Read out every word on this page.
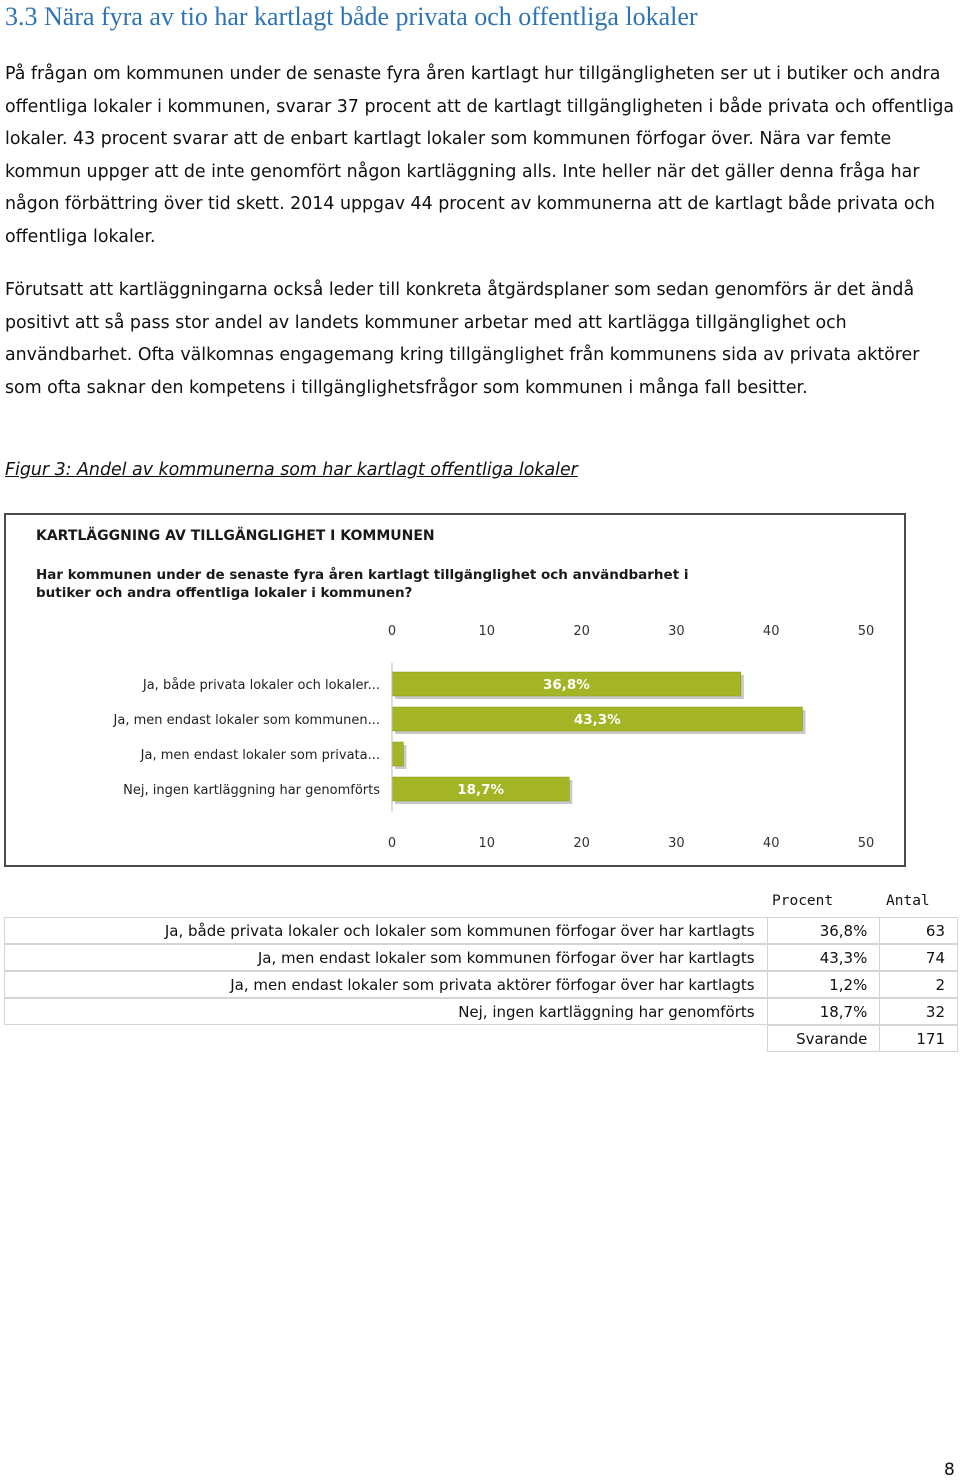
3.3 Nära fyra av tio har kartlagt både privata och offentliga lokaler

På frågan om kommunen under de senaste fyra åren kartlagt hur tillgängligheten ser ut i butiker och andra offentliga lokaler i kommunen, svarar 37 procent att de kartlagt tillgängligheten i både privata och offentliga lokaler. 43 procent svarar att de enbart kartlagt lokaler som kommunen förfogar över. Nära var femte kommun uppger att de inte genomfört någon kartläggning alls. Inte heller när det gäller denna fråga har någon förbättring över tid skett. 2014 uppgav 44 procent av kommunerna att de kartlagt både privata och offentliga lokaler.

Förutsatt att kartläggningarna också leder till konkreta åtgärdsplaner som sedan genomförs är det ändå positivt att så pass stor andel av landets kommuner arbetar med att kartlägga tillgänglighet och användbarhet. Ofta välkomnas engagemang kring tillgänglighet från kommunens sida av privata aktörer som ofta saknar den kompetens i tillgänglighetsfrågor som kommunen i många fall besitter.

Figur 3: Andel av kommunerna som har kartlagt offentliga lokaler

KARTLÄGGNING AV TILLGÄNGLIGHET I KOMMUNEN
Har kommunen under de senaste fyra åren kartlagt tillgänglighet och användbarhet i
butiker och andra offentliga lokaler i kommunen?
0
0
10
10
20
20
30
30
40
40
50
50
Ja, både privata lokaler och lokaler...	36,8%
Ja, men endast lokaler som kommunen...	43,3%
Ja, men endast lokaler som privata...
Nej, ingen kartläggning har genomförts	18,7%
Procent	Antal
Ja, både privata lokaler och lokaler som kommunen förfogar över har kartlagts	36,8%	63
Ja, men endast lokaler som kommunen förfogar över har kartlagts	43,3%	74
Ja, men endast lokaler som privata aktörer förfogar över har kartlagts	1,2%	2
Nej, ingen kartläggning har genomförts	18,7%	32
	Svarande	171
8
